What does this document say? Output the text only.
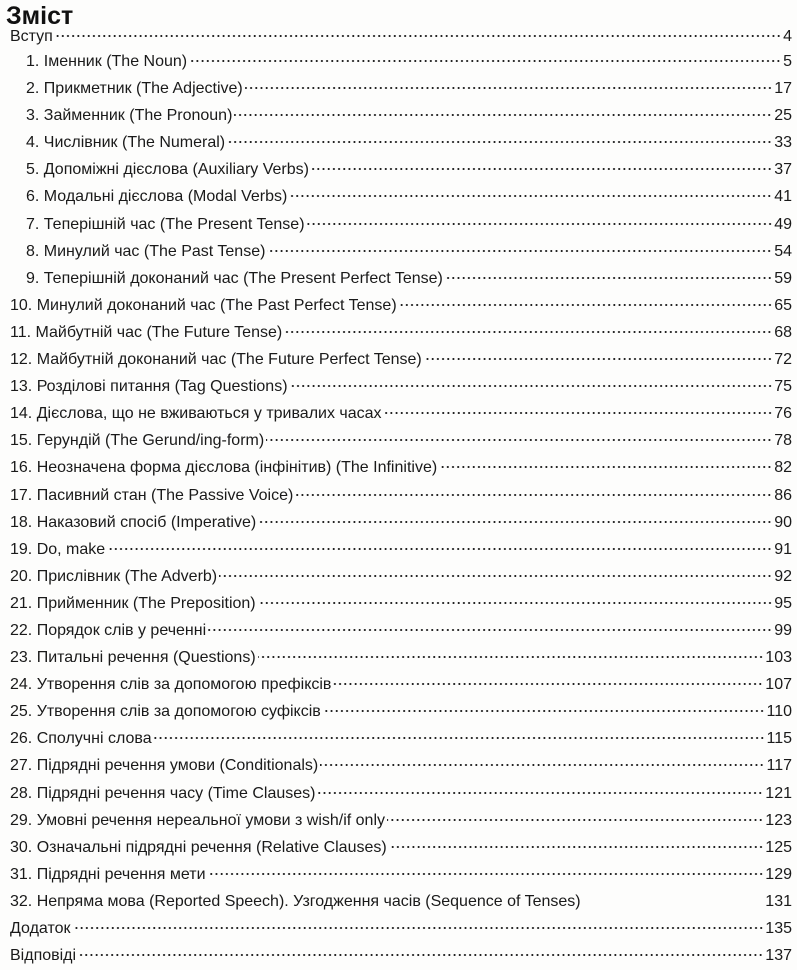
Зміст
Вступ	4
1. Іменник (The Noun)	5
2. Прикметник (The Adjective)	17
3. Займенник (The Pronoun)	25
4. Числівник (The Numeral)	33
5. Допоміжні дієслова (Auxiliary Verbs)	37
6. Модальні дієслова (Modal Verbs)	41
7. Теперішній час (The Present Tense)	49
8. Минулий час (The Past Tense)	54
9. Теперішній доконаний час (The Present Perfect Tense)	59
10. Минулий доконаний час (The Past Perfect Tense)	65
11. Майбутній час (The Future Tense)	68
12. Майбутній доконаний час (The Future Perfect Tense)	72
13. Розділові питання (Tag Questions)	75
14. Дієслова, що не вживаються у тривалих часах	76
15. Герундій (The Gerund/ing-form)	78
16. Неозначена форма дієслова (інфінітив) (The Infinitive)	82
17. Пасивний стан (The Passive Voice)	86
18. Наказовий спосіб (Imperative)	90
19. Do, make	91
20. Прислівник (The Adverb)	92
21. Прийменник (The Preposition)	95
22. Порядок слів у реченні	99
23. Питальні речення (Questions)	103
24. Утворення слів за допомогою префіксів	107
25. Утворення слів за допомогою суфіксів	110
26. Сполучні слова	115
27. Підрядні речення умови (Conditionals)	117
28. Підрядні речення часу (Time Clauses)	121
29. Умовні речення нереальної умови з wish/if only	123
30. Означальні підрядні речення (Relative Clauses)	125
31. Підрядні речення мети	129
32. Непряма мова (Reported Speech). Узгодження часів (Sequence of Tenses)	131
Додаток	135
Відповіді	137
